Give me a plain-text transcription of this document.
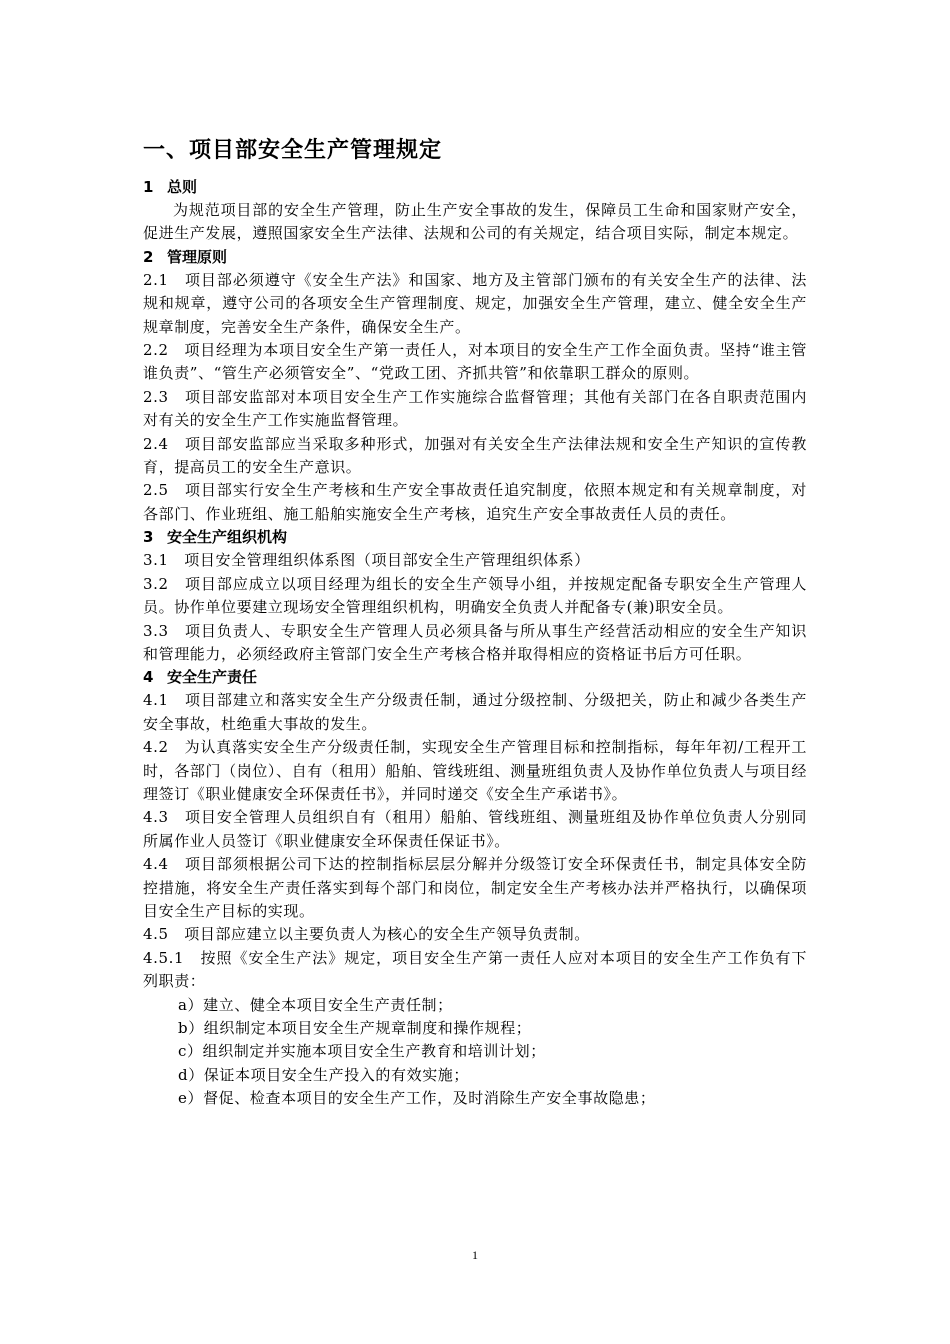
一、项目部安全生产管理规定
1 总则

为规范项目部的安全生产管理，防止生产安全事故的发生，保障员工生命和国家财产安全，促进生产发展，遵照国家安全生产法律、法规和公司的有关规定，结合项目实际，制定本规定。

2 管理原则

2.1　项目部必须遵守《安全生产法》和国家、地方及主管部门颁布的有关安全生产的法律、法规和规章，遵守公司的各项安全生产管理制度、规定，加强安全生产管理，建立、健全安全生产规章制度，完善安全生产条件，确保安全生产。

2.2　项目经理为本项目安全生产第一责任人，对本项目的安全生产工作全面负责。坚持“谁主管谁负责”、“管生产必须管安全”、“党政工团、齐抓共管”和依靠职工群众的原则。

2.3　项目部安监部对本项目安全生产工作实施综合监督管理；其他有关部门在各自职责范围内对有关的安全生产工作实施监督管理。

2.4　项目部安监部应当采取多种形式，加强对有关安全生产法律法规和安全生产知识的宣传教育，提高员工的安全生产意识。

2.5　项目部实行安全生产考核和生产安全事故责任追究制度，依照本规定和有关规章制度，对各部门、作业班组、施工船舶实施安全生产考核，追究生产安全事故责任人员的责任。

3 安全生产组织机构

3.1　项目安全管理组织体系图（项目部安全生产管理组织体系）

3.2　项目部应成立以项目经理为组长的安全生产领导小组，并按规定配备专职安全生产管理人员。协作单位要建立现场安全管理组织机构，明确安全负责人并配备专(兼)职安全员。

3.3　项目负责人、专职安全生产管理人员必须具备与所从事生产经营活动相应的安全生产知识和管理能力，必须经政府主管部门安全生产考核合格并取得相应的资格证书后方可任职。

4 安全生产责任

4.1　项目部建立和落实安全生产分级责任制，通过分级控制、分级把关，防止和减少各类生产安全事故，杜绝重大事故的发生。

4.2　为认真落实安全生产分级责任制，实现安全生产管理目标和控制指标，每年年初/工程开工时，各部门（岗位）、自有（租用）船舶、管线班组、测量班组负责人及协作单位负责人与项目经理签订《职业健康安全环保责任书》，并同时递交《安全生产承诺书》。

4.3　项目安全管理人员组织自有（租用）船舶、管线班组、测量班组及协作单位负责人分别同所属作业人员签订《职业健康安全环保责任保证书》。

4.4　项目部须根据公司下达的控制指标层层分解并分级签订安全环保责任书，制定具体安全防控措施，将安全生产责任落实到每个部门和岗位，制定安全生产考核办法并严格执行，以确保项目安全生产目标的实现。

4.5　项目部应建立以主要负责人为核心的安全生产领导负责制。

4.5.1　按照《安全生产法》规定，项目安全生产第一责任人应对本项目的安全生产工作负有下列职责：

a）建立、健全本项目安全生产责任制；

b）组织制定本项目安全生产规章制度和操作规程；

c）组织制定并实施本项目安全生产教育和培训计划；

d）保证本项目安全生产投入的有效实施；

e）督促、检查本项目的安全生产工作，及时消除生产安全事故隐患；

1
